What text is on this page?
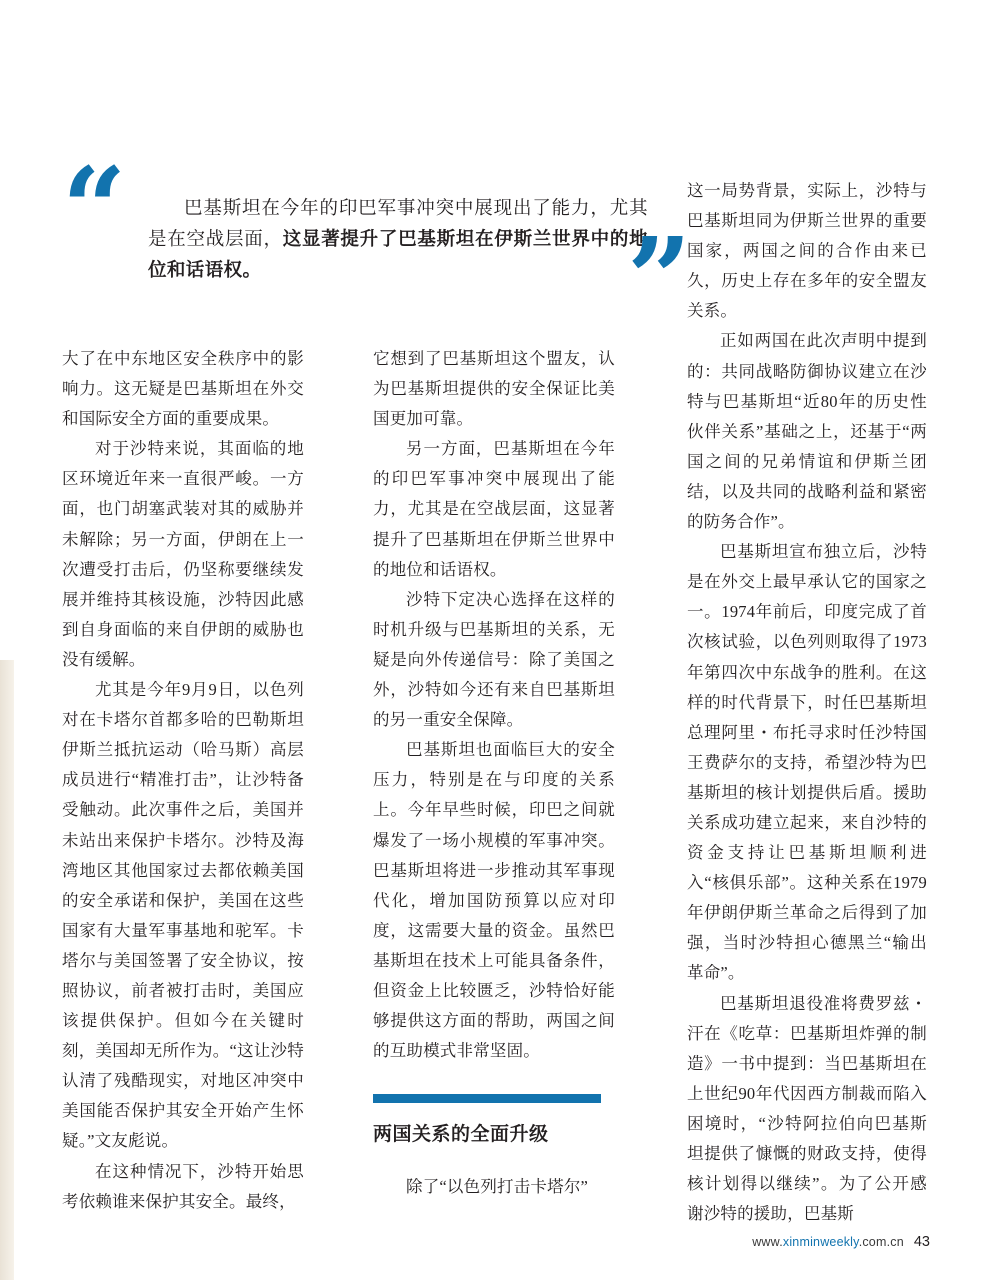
“	巴基斯坦在今年的印巴军事冲突中展现出了能力，尤其是在空战层面，这显著提升了巴基斯坦在伊斯兰世界中的地位和话语权。	”

大了在中东地区安全秩序中的影响力。这无疑是巴基斯坦在外交和国际安全方面的重要成果。

对于沙特来说，其面临的地区环境近年来一直很严峻。一方面，也门胡塞武装对其的威胁并未解除；另一方面，伊朗在上一次遭受打击后，仍坚称要继续发展并维持其核设施，沙特因此感到自身面临的来自伊朗的威胁也没有缓解。

尤其是今年9月9日，以色列对在卡塔尔首都多哈的巴勒斯坦伊斯兰抵抗运动（哈马斯）高层成员进行“精准打击”，让沙特备受触动。此次事件之后，美国并未站出来保护卡塔尔。沙特及海湾地区其他国家过去都依赖美国的安全承诺和保护，美国在这些国家有大量军事基地和驼军。卡塔尔与美国签署了安全协议，按照协议，前者被打击时，美国应该提供保护。但如今在关键时刻，美国却无所作为。“这让沙特认清了残酷现实，对地区冲突中美国能否保护其安全开始产生怀疑。”文友彪说。

在这种情况下，沙特开始思考依赖谁来保护其安全。最终，

它想到了巴基斯坦这个盟友，认为巴基斯坦提供的安全保证比美国更加可靠。

另一方面，巴基斯坦在今年的印巴军事冲突中展现出了能力，尤其是在空战层面，这显著提升了巴基斯坦在伊斯兰世界中的地位和话语权。

沙特下定决心选择在这样的时机升级与巴基斯坦的关系，无疑是向外传递信号：除了美国之外，沙特如今还有来自巴基斯坦的另一重安全保障。

巴基斯坦也面临巨大的安全压力，特别是在与印度的关系上。今年早些时候，印巴之间就爆发了一场小规模的军事冲突。巴基斯坦将进一步推动其军事现代化，增加国防预算以应对印度，这需要大量的资金。虽然巴基斯坦在技术上可能具备条件，但资金上比较匮乏，沙特恰好能够提供这方面的帮助，两国之间的互助模式非常坚固。

两国关系的全面升级

除了“以色列打击卡塔尔”

这一局势背景，实际上，沙特与巴基斯坦同为伊斯兰世界的重要国家，两国之间的合作由来已久，历史上存在多年的安全盟友关系。

正如两国在此次声明中提到的：共同战略防御协议建立在沙特与巴基斯坦“近80年的历史性伙伴关系”基础之上，还基于“两国之间的兄弟情谊和伊斯兰团结，以及共同的战略利益和紧密的防务合作”。

巴基斯坦宣布独立后，沙特是在外交上最早承认它的国家之一。1974年前后，印度完成了首次核试验，以色列则取得了1973年第四次中东战争的胜利。在这样的时代背景下，时任巴基斯坦总理阿里・布托寻求时任沙特国王费萨尔的支持，希望沙特为巴基斯坦的核计划提供后盾。援助关系成功建立起来，来自沙特的资金支持让巴基斯坦顺利进入“核俱乐部”。这种关系在1979年伊朗伊斯兰革命之后得到了加强，当时沙特担心德黑兰“输出革命”。

巴基斯坦退役准将费罗兹・汗在《吃草：巴基斯坦炸弹的制造》一书中提到：当巴基斯坦在上世纪90年代因西方制裁而陷入困境时，“沙特阿拉伯向巴基斯坦提供了慷慨的财政支持，使得核计划得以继续”。为了公开感谢沙特的援助，巴基斯

www.xinminweekly.com.cn 43
